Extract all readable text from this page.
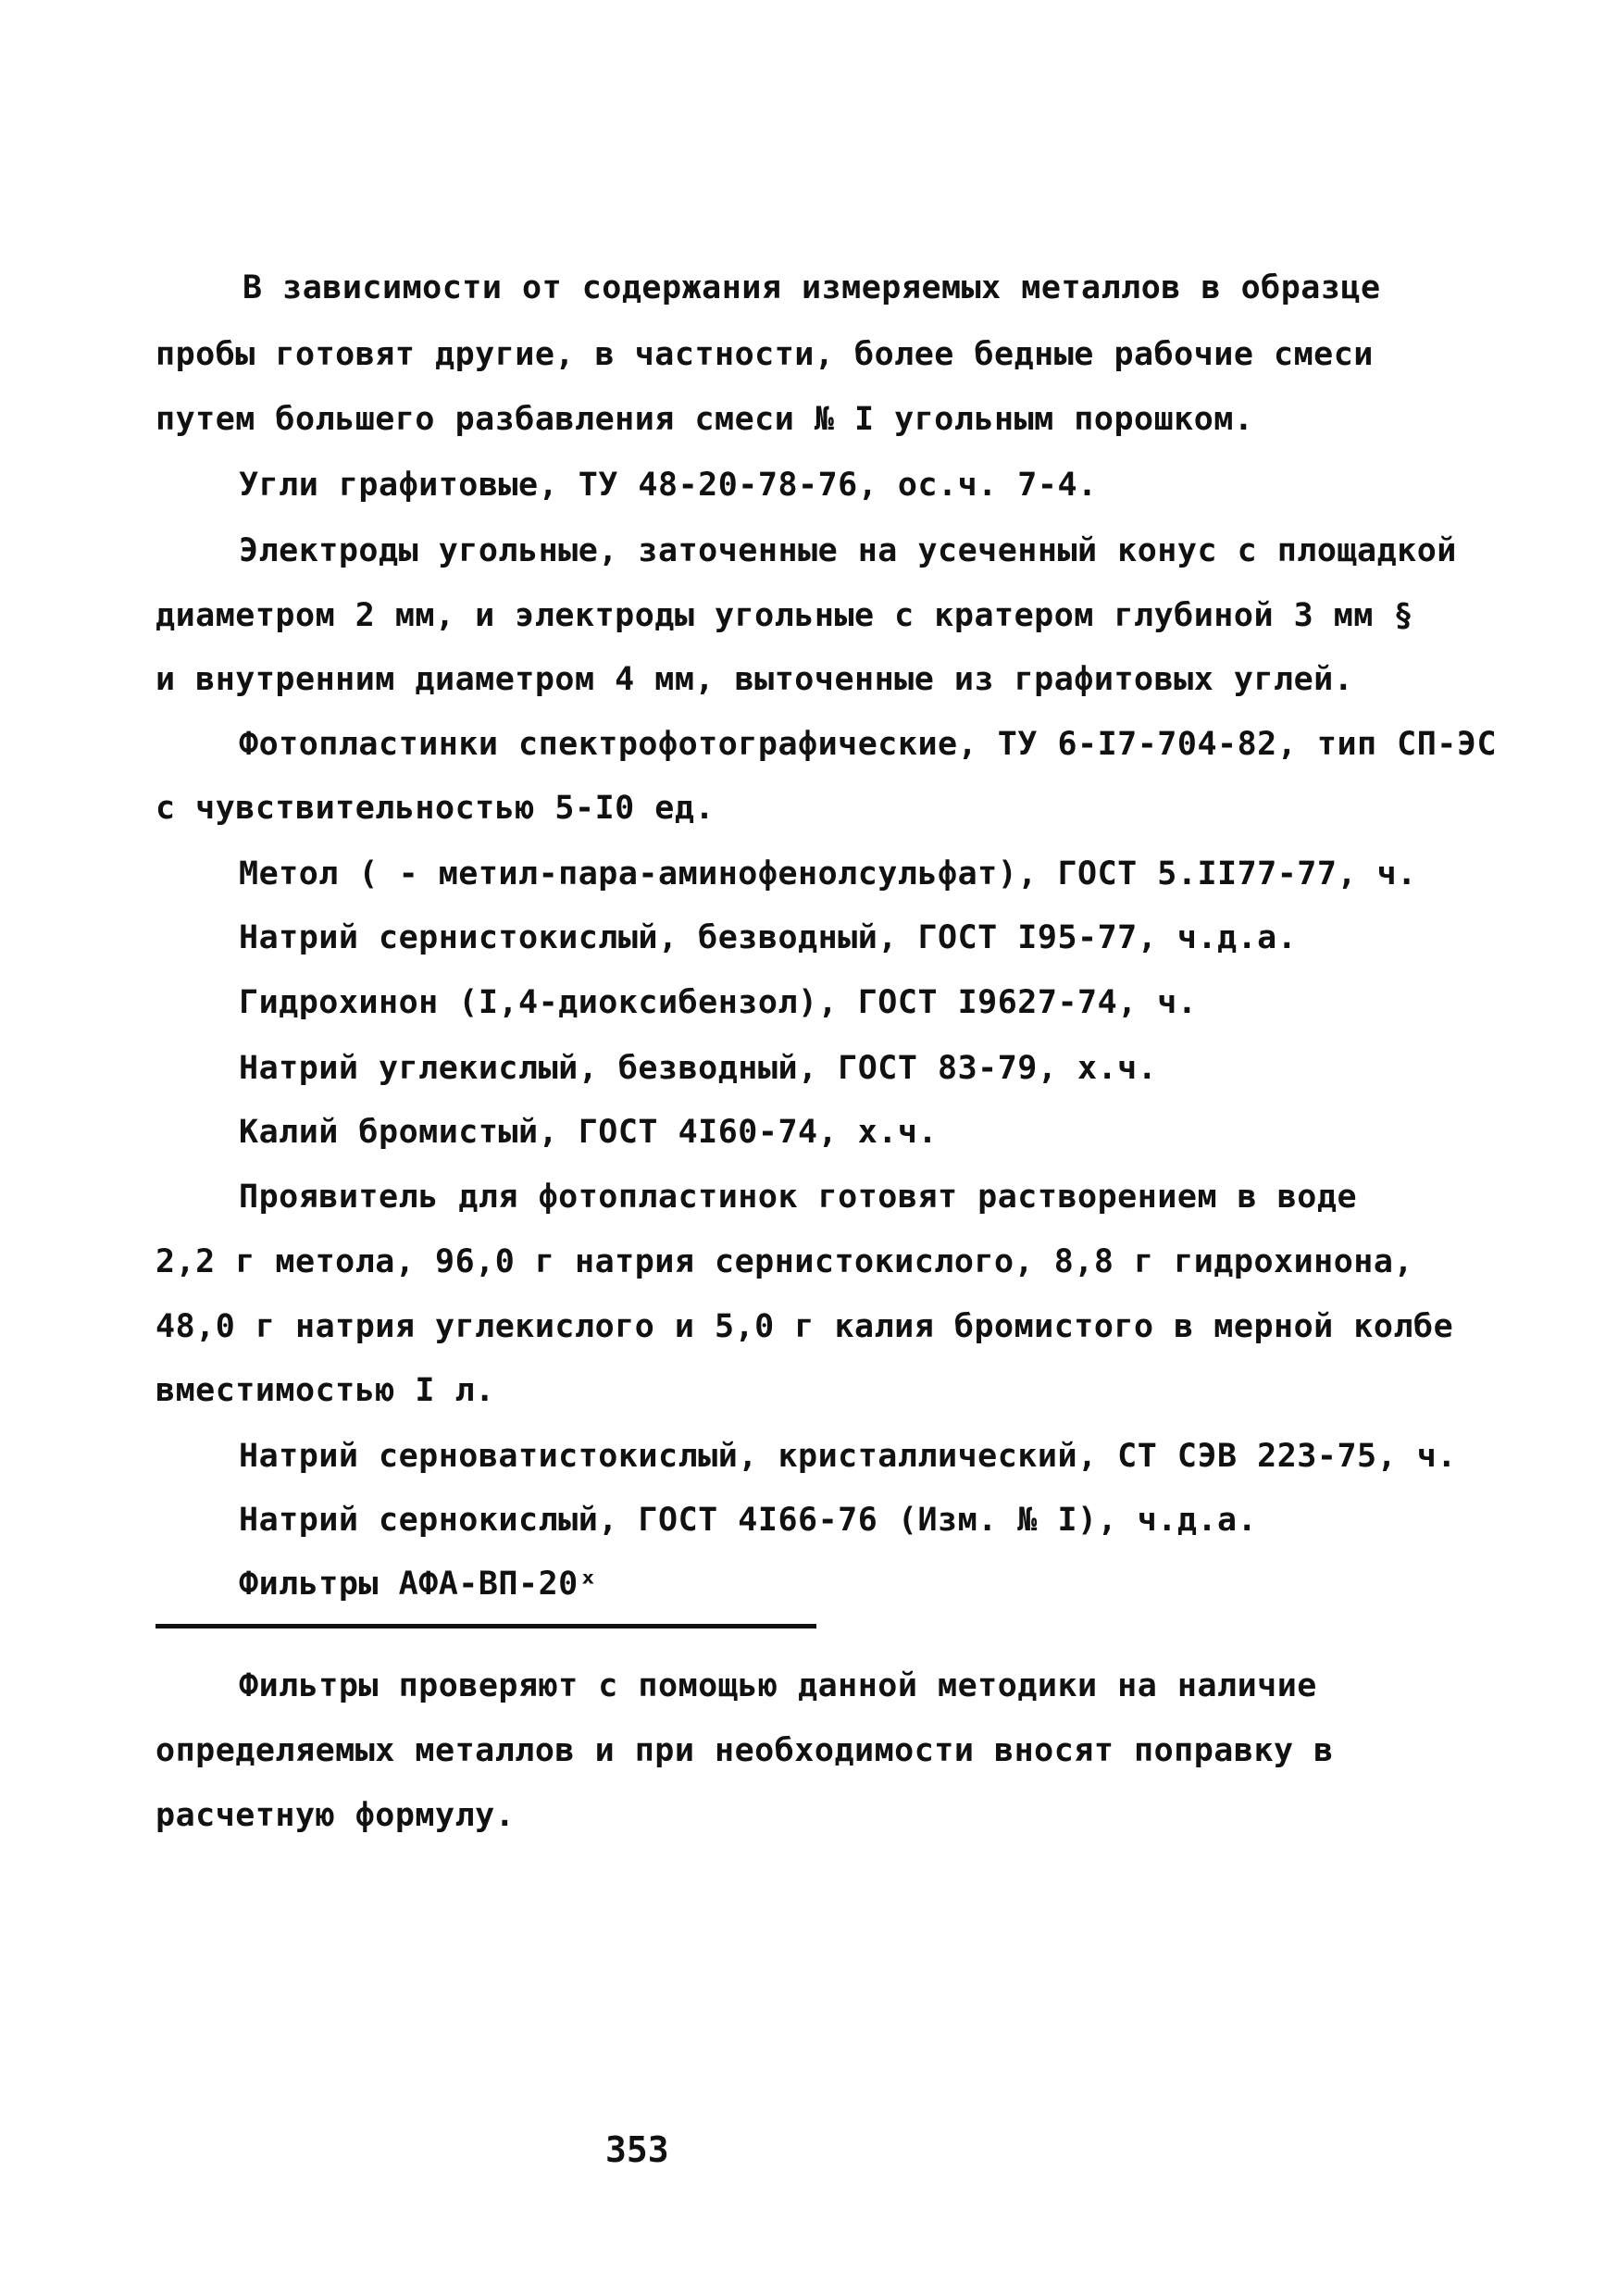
В зависимости от содержания измеряемых металлов в образце
пробы готовят другие, в частности, более бедные рабочие смеси
путем большего разбавления смеси № I угольным порошком.
Угли графитовые, ТУ 48-20-78-76, ос.ч. 7-4.
Электроды угольные, заточенные на усеченный конус с площадкой
диаметром 2 мм, и электроды угольные с кратером глубиной 3 мм §
и внутренним диаметром 4 мм, выточенные из графитовых углей.
Фотопластинки спектрофотографические, ТУ 6-I7-704-82, тип СП-ЭС
с чувствительностью 5-I0 ед.
Метол ( - метил-пара-аминофенолсульфат), ГОСТ 5.II77-77, ч.
Натрий сернистокислый, безводный, ГОСТ I95-77, ч.д.а.
Гидрохинон (I,4-диоксибензол), ГОСТ I9627-74, ч.
Натрий углекислый, безводный, ГОСТ 83-79, х.ч.
Калий бромистый, ГОСТ 4I60-74, х.ч.
Проявитель для фотопластинок готовят растворением в воде
2,2 г метола, 96,0 г натрия сернистокислого, 8,8 г гидрохинона,
48,0 г натрия углекислого и 5,0 г калия бромистого в мерной колбе
вместимостью I л.
Натрий серноватистокислый, кристаллический, СТ СЭВ 223-75, ч.
Натрий сернокислый, ГОСТ 4I66-76 (Изм. № I), ч.д.а.
Фильтры АФА-ВП-20ˣ
Фильтры проверяют с помощью данной методики на наличие
определяемых металлов и при необходимости вносят поправку в
расчетную формулу.
353
